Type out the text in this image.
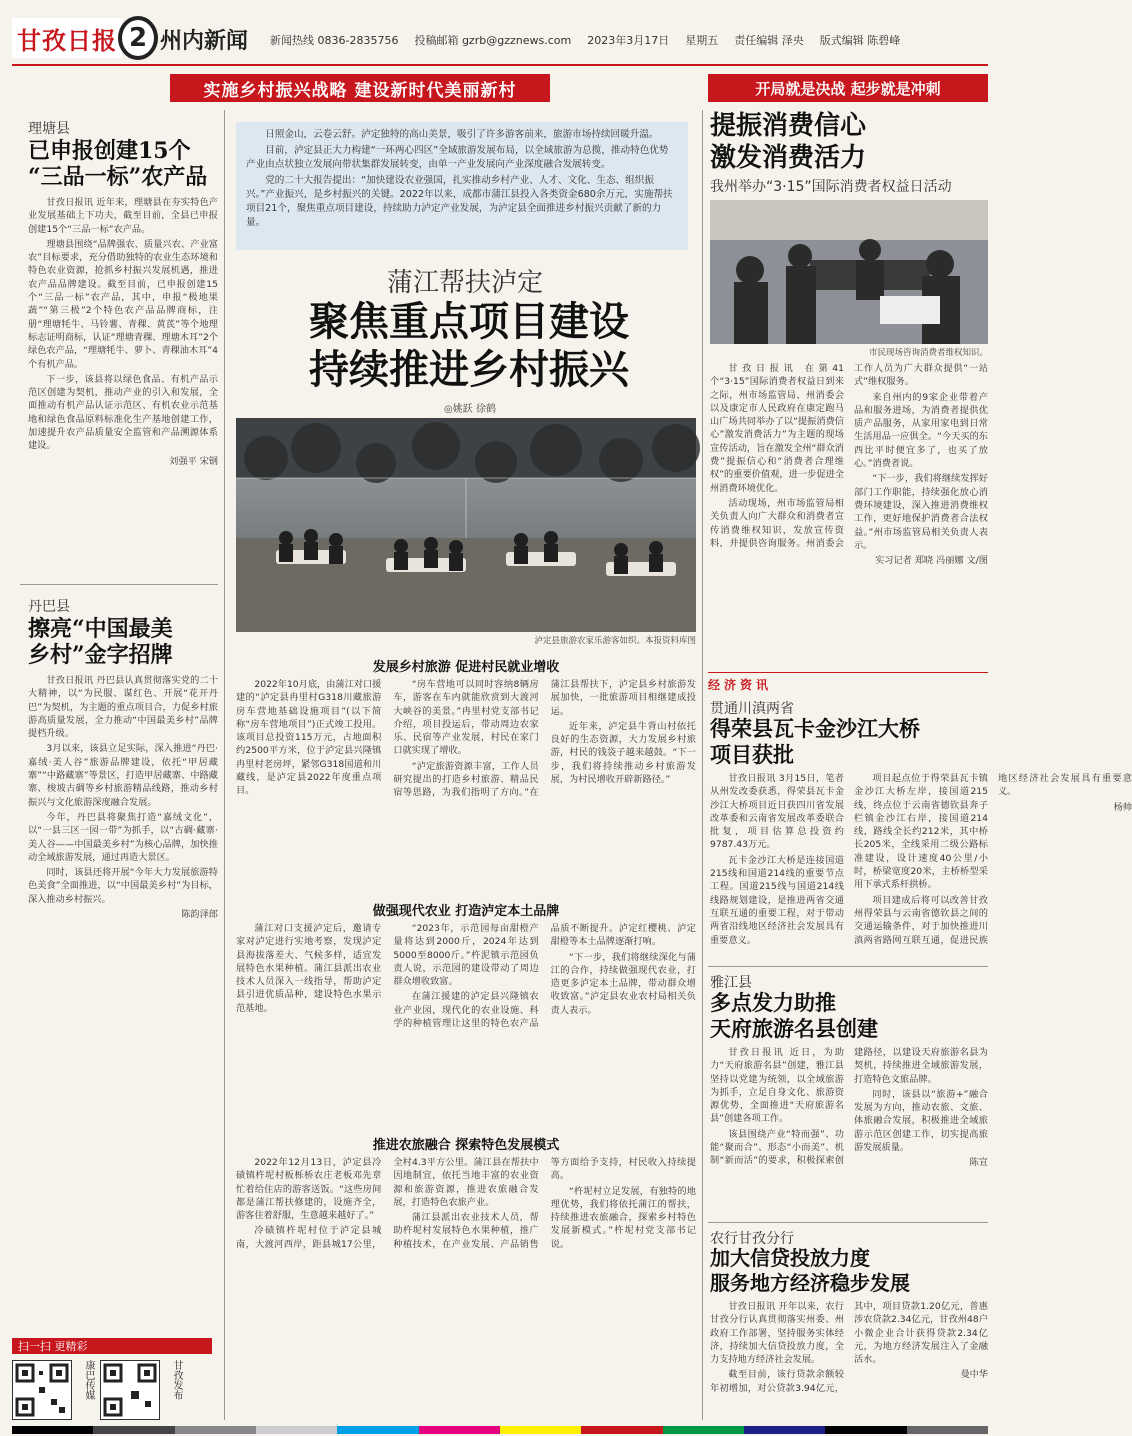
甘孜日报 2 州内新闻 新闻热线 0836-2835756 投稿邮箱 gzrb@gzznews.com 2023年3月17日 星期五 责任编辑 泽央 版式编辑 陈碧峰
实施乡村振兴战略 建设新时代美丽新村	开局就是决战 起步就是冲刺
理塘县
已申报创建15个
“三品一标”农产品

甘孜日报讯 近年来，理塘县在夯实特色产业发展基础上下功夫，截至目前，全县已申报创建15个“三品一标”农产品。

理塘县围绕“品牌强农、质量兴农、产业富农”目标要求，充分借助独特的农业生态环境和特色农业资源，抢抓乡村振兴发展机遇，推进农产品品牌建设。截至目前，已申报创建15个“三品一标”农产品，其中，申报“极地果蔬”“第三极”2个特色农产品品牌商标，注册“理塘牦牛、马铃薯、青稞、黄芪”等个地理标志证明商标，认证“理塘青稞、理塘木耳”2个绿色农产品，“理塘牦牛、萝卜、青稞油木耳”4个有机产品。

下一步，该县将以绿色食品、有机产品示范区创建为契机，推动产业的引入和发展，全面推动有机产品认证示范区、有机农业示范基地和绿色食品原料标准化生产基地创建工作，加速提升农产品质量安全监管和产品溯源体系建设。

刘强平 宋钢

丹巴县
擦亮“中国最美
乡村”金字招牌

甘孜日报讯 丹巴县认真贯彻落实党的二十大精神，以“为民服、谋红色、开展“花开丹巴”为契机，为主题的重点项目合，力促乡村旅游高质量发展，全力推动“中国最美乡村”品牌提档升级。

3月以来，该县立足实际，深入推进“丹巴·嘉绒·美人谷”旅游品牌建设，依托“甲居藏寨”“中路藏寨”等景区，打造甲居藏寨、中路藏寨、梭坡古碉等乡村旅游精品线路，推动乡村振兴与文化旅游深度融合发展。

今年，丹巴县将聚焦打造“嘉绒文化”，以“一县三区一园一带”为抓手，以“古碉·藏寨·美人谷——中国最美乡村”为核心品牌，加快推动全域旅游发展，通过再造大景区。

同时，该县还将开展“今年大力发展旅游特色美食”全面推进，以“中国最美乡村”为目标，深入推动乡村振兴。

陈韵泽郎

扫一扫 更精彩
康巴传媒	甘孜发布

日照金山，云卷云舒。泸定独特的高山美景，吸引了许多游客前来，旅游市场持续回暖升温。

目前，泸定县正大力构建“一环两心四区”全域旅游发展布局，以全域旅游为总揽，推动特色优势产业由点状独立发展向带状集群发展转变，由单一产业发展向产业深度融合发展转变。

党的二十大报告提出：“加快建设农业强国，扎实推动乡村产业、人才、文化、生态、组织振兴。”产业振兴，是乡村振兴的关键。2022年以来，成都市蒲江县投入各类资金680余万元，实施帮扶项目21个，聚焦重点项目建设，持续助力泸定产业发展，为泸定县全面推进乡村振兴贡献了新的力量。

蒲江帮扶泸定
聚焦重点项目建设
持续推进乡村振兴
◎姚跃 徐鹤
泸定县旅游农家乐游客如织。本报资料库图
发展乡村旅游 促进村民就业增收

2022年10月底，由蒲江对口援建的“泸定县冉里村G318川藏旅游房车营地基础设施项目”(以下简称“房车营地项目”)正式竣工投用。该项目总投资115万元，占地面积约2500平方米，位于泸定县兴隆镇冉里村老房坪，紧邻G318国道和川藏线，是泸定县2022年度重点项目。

“房车营地可以同时容纳8辆房车，游客在车内就能欣赏到大渡河大峡谷的美景。”冉里村党支部书记介绍，项目投运后，带动周边农家乐、民宿等产业发展，村民在家门口就实现了增收。

“泸定旅游资源丰富，工作人员研究提出的打造乡村旅游、精品民宿等思路，为我们指明了方向。”在蒲江县帮扶下，泸定县乡村旅游发展加快，一批旅游项目相继建成投运。

近年来，泸定县牛背山村依托良好的生态资源，大力发展乡村旅游，村民的钱袋子越来越鼓。“下一步，我们将持续推动乡村旅游发展，为村民增收开辟新路径。”

做强现代农业 打造泸定本土品牌

蒲江对口支援泸定后，邀请专家对泸定进行实地考察，发现泸定县海拔落差大、气候多样，适宜发展特色水果种植。蒲江县派出农业技术人员深入一线指导，帮助泸定县引进优质品种，建设特色水果示范基地。

“2023年，示范园每亩甜橙产量将达到2000斤，2024年达到5000至8000斤。”杵泥镇示范园负责人说，示范园的建设带动了周边群众增收致富。

在蒲江援建的泸定县兴隆镇农业产业园，现代化的农业设施、科学的种植管理让这里的特色农产品品质不断提升。泸定红樱桃、泸定甜橙等本土品牌逐渐打响。

“下一步，我们将继续深化与蒲江的合作，持续做强现代农业，打造更多泸定本土品牌，带动群众增收致富。”泸定县农业农村局相关负责人表示。

推进农旅融合 探索特色发展模式

2022年12月13日，泸定县冷碛镇杵坭村板栎桥农庄老板邓先章忙着给住店的游客送饭。“这些房间都是蒲江帮扶修建的，设施齐全，游客住着舒服，生意越来越好了。”

冷碛镇杵坭村位于泸定县城南，大渡河西岸，距县城17公里，全村4.3平方公里。蒲江县在帮扶中因地制宜，依托当地丰富的农业资源和旅游资源，推进农旅融合发展，打造特色农旅产业。

蒲江县派出农业技术人员，帮助杵坭村发展特色水果种植，推广种植技术，在产业发展、产品销售等方面给予支持，村民收入持续提高。

“杵坭村立足发展，有独特的地理优势，我们将依托蒲江的帮扶，持续推进农旅融合，探索乡村特色发展新模式。”杵坭村党支部书记说。

提振消费信心
激发消费活力
我州举办“3·15”国际消费者权益日活动
市民现场咨询消费者维权知识。

甘孜日报讯 在第41个“3·15”国际消费者权益日到来之际，州市场监管局、州消委会以及康定市人民政府在康定跑马山广场共同举办了以“提振消费信心”激发消费活力”为主题的现场宣传活动，旨在激发全州“群众消费”提振信心和“消费者合理维权”的重要价值观，进一步促进全州消费环境优化。

活动现场，州市场监管局相关负责人向广大群众和消费者宣传消费维权知识，发放宣传资料，并提供咨询服务。州消委会工作人员为广大群众提供“一站式”维权服务。

来自州内的9家企业带着产品和服务进场，为消费者提供优质产品服务，从家用家电到日常生活用品一应俱全。“今天买的东西比平时便宜多了，也买了放心。”消费者说。

“下一步，我们将继续发挥好部门工作职能，持续强化放心消费环境建设，深入推进消费维权工作，更好地保护消费者合法权益。”州市场监管局相关负责人表示。

实习记者 郑晓 冯丽娜 文/图

经济资讯
贯通川滇两省
得荣县瓦卡金沙江大桥
项目获批

甘孜日报讯 3月15日，笔者从州发改委获悉，得荣县瓦卡金沙江大桥项目近日获四川省发展改革委和云南省发展改革委联合批复，项目估算总投资约9787.43万元。

瓦卡金沙江大桥是连接国道215线和国道214线的重要节点工程。国道215线与国道214线线路规划建设，是推进两省交通互联互通的重要工程，对于带动两省沿线地区经济社会发展具有重要意义。

项目起点位于得荣县瓦卡镇金沙江大桥左岸，接国道215线，终点位于云南省德钦县奔子栏镇金沙江右岸，接国道214线，路线全长约212米，其中桥长205米，全线采用二级公路标准建设，设计速度40公里/小时，桥梁宽度20米，主桥桥型采用下承式系杆拱桥。

项目建成后将可以改善甘孜州得荣县与云南省德钦县之间的交通运输条件，对于加快推进川滇两省路网互联互通，促进民族地区经济社会发展具有重要意义。

杨帅

雅江县
多点发力助推
天府旅游名县创建

甘孜日报讯 近日，为助力“天府旅游名县”创建，雅江县坚持以党建为统领，以全域旅游为抓手，立足自身文化、旅游资源优势，全面推进“天府旅游名县”创建各项工作。

该县围绕产业“特而强”、功能“聚而合”、形态“小而美”、机制“新而活”的要求，积极探索创建路径，以建设天府旅游名县为契机，持续推进全域旅游发展，打造特色文旅品牌。

同时，该县以“旅游+”融合发展为方向，推动农旅、文旅、体旅融合发展，积极推进全域旅游示范区创建工作，切实提高旅游发展质量。

陈宣

农行甘孜分行
加大信贷投放力度
服务地方经济稳步发展

甘孜日报讯 开年以来，农行甘孜分行认真贯彻落实州委、州政府工作部署，坚持服务实体经济，持续加大信贷投放力度，全力支持地方经济社会发展。

截至目前，该行贷款余额较年初增加，对公贷款3.94亿元，其中，项目贷款1.20亿元，普惠涉农贷款2.34亿元，甘孜州48户小微企业合计获得贷款2.34亿元，为地方经济发展注入了金融活水。

曼中华
